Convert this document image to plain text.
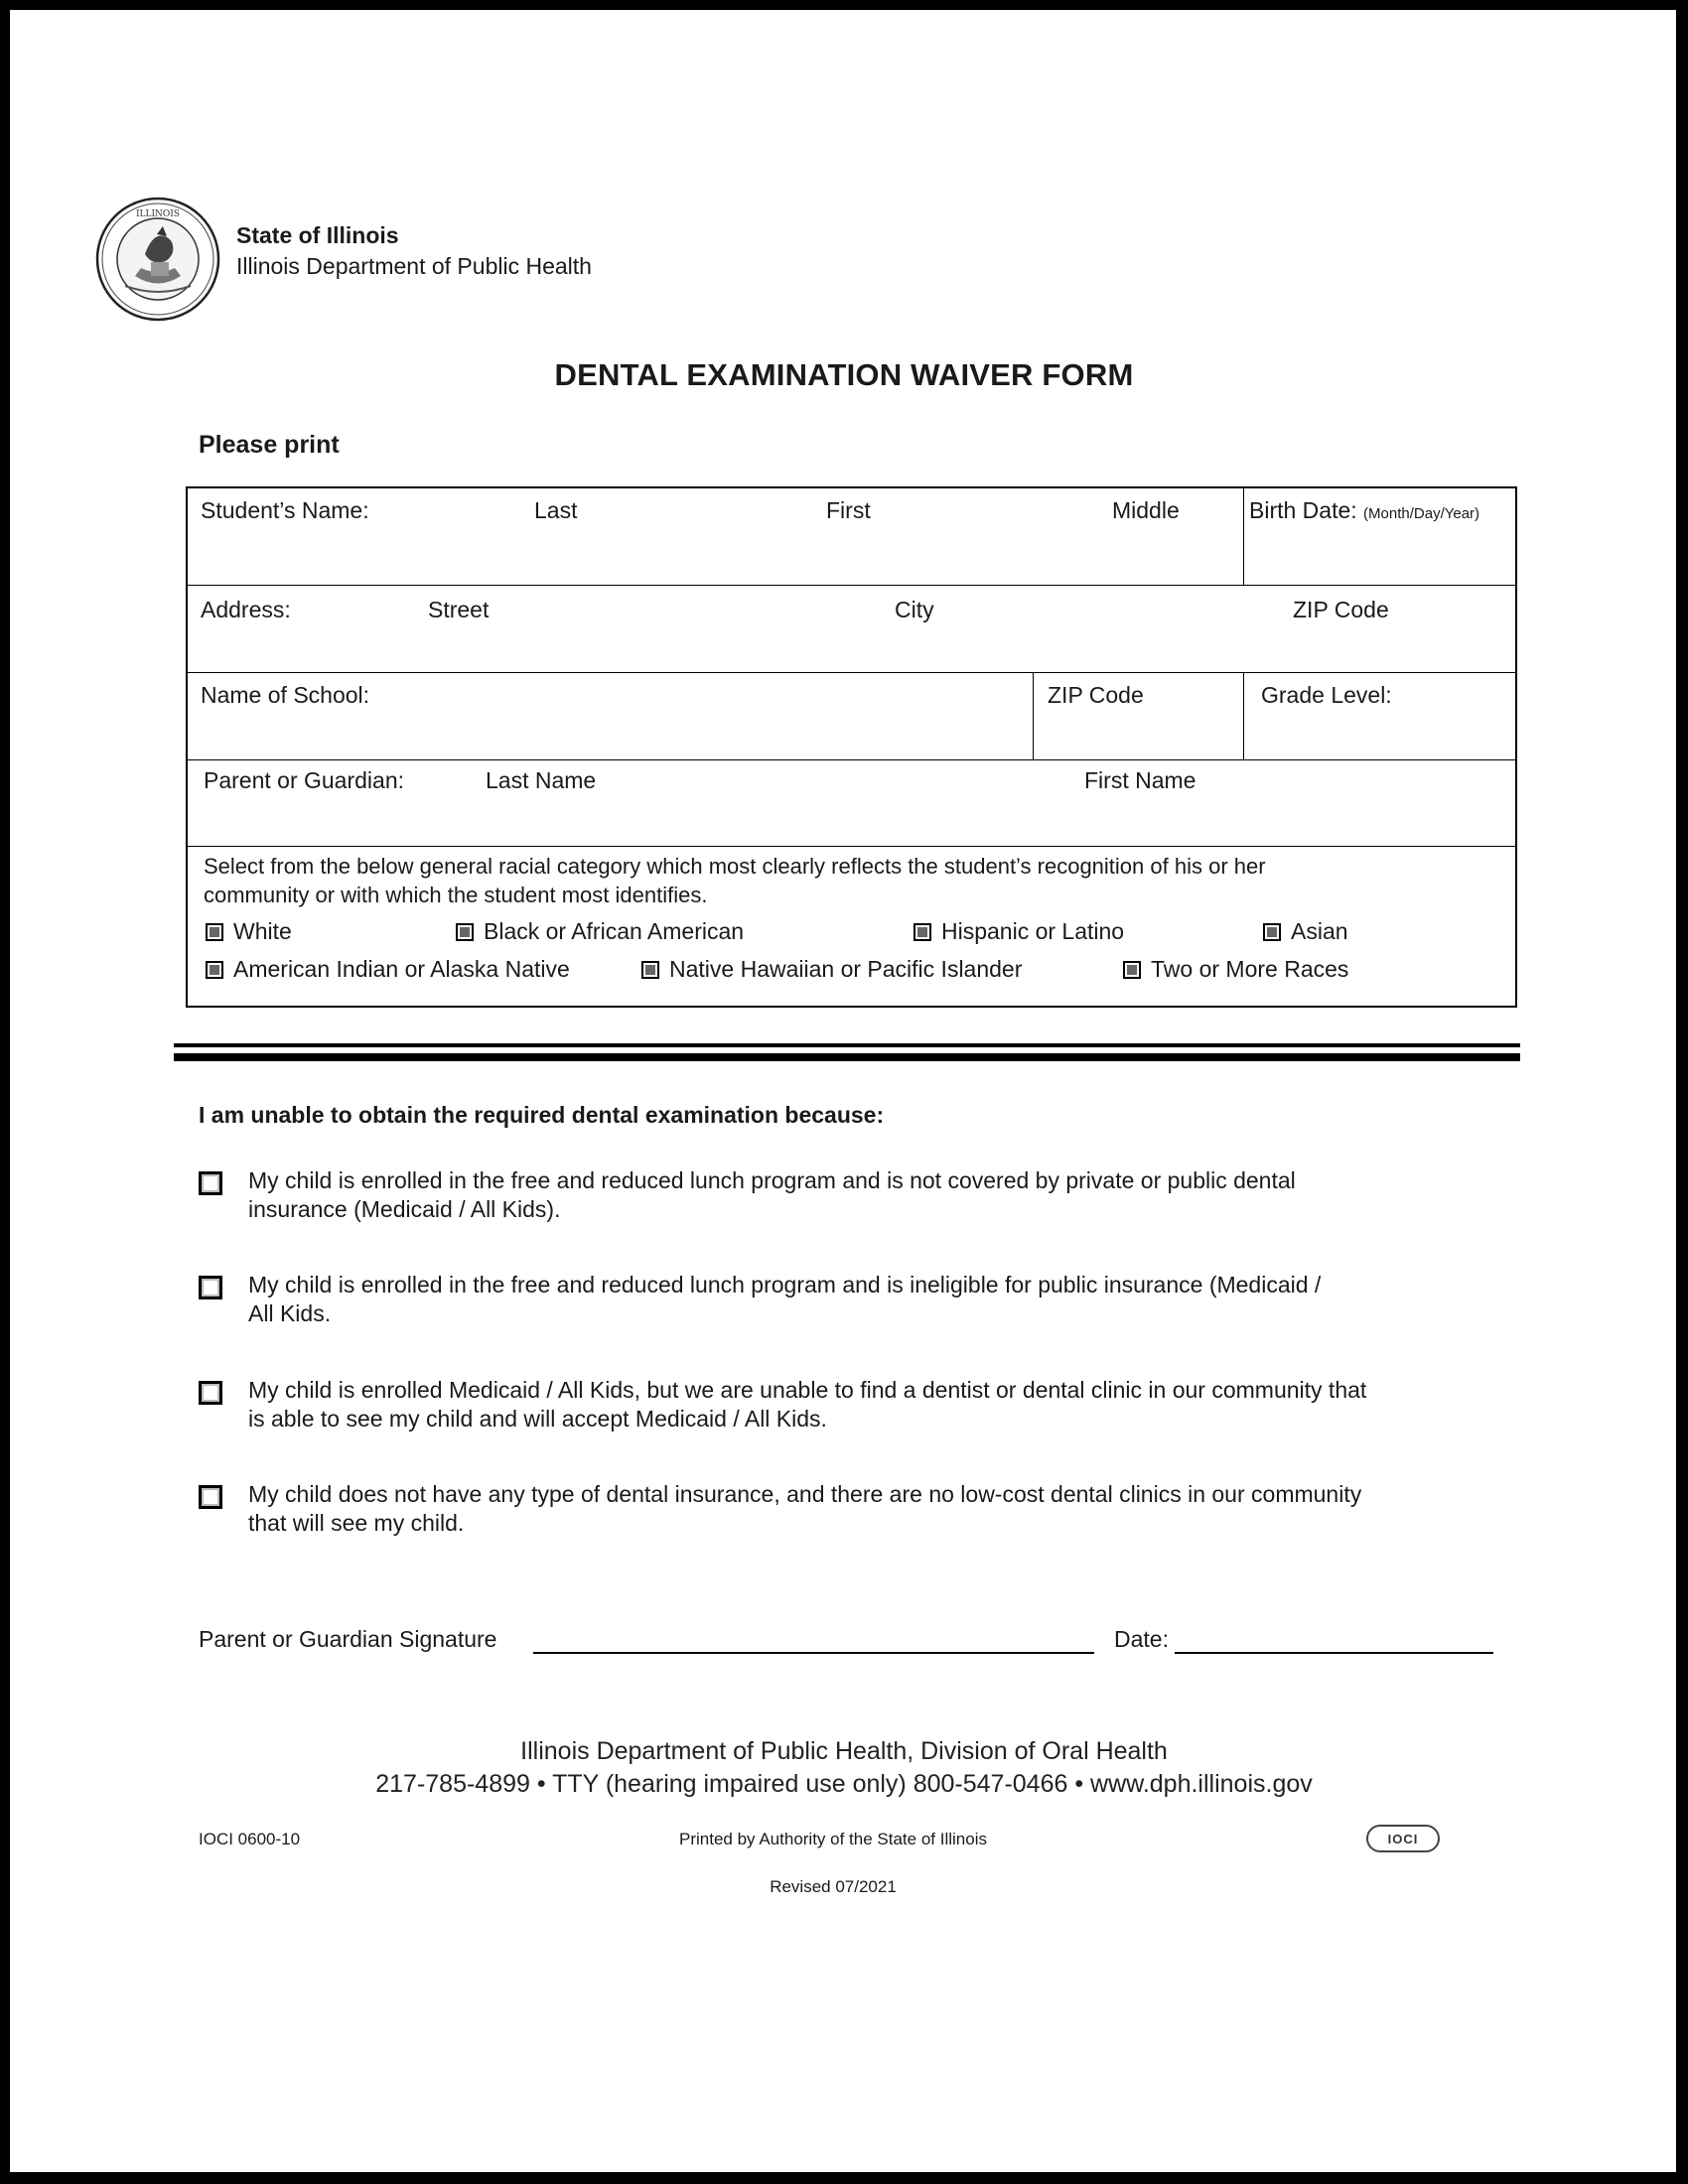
ILLINOIS
State of Illinois
Illinois Department of Public Health
DENTAL EXAMINATION WAIVER FORM
Please print
Student’s Name:	Last	First	Middle	Birth Date: (Month/Day/Year)
Address:	Street	City	ZIP Code
Name of School:	ZIP Code	Grade Level:
Parent or Guardian:	Last Name	First Name
Select from the below general racial category which most clearly reflects the student’s recognition of his or her
community or with which the student most identifies.
White	Black or African American	Hispanic or Latino	Asian
American Indian or Alaska Native	Native Hawaiian or Pacific Islander	Two or More Races
I am unable to obtain the required dental examination because:
My child is enrolled in the free and reduced lunch program and is not covered by private or public dental
insurance (Medicaid / All Kids).
My child is enrolled in the free and reduced lunch program and is ineligible for public insurance (Medicaid /
All Kids.
My child is enrolled Medicaid / All Kids, but we are unable to find a dentist or dental clinic in our community that
is able to see my child and will accept Medicaid / All Kids.
My child does not have any type of dental insurance, and there are no low-cost dental clinics in our community
that will see my child.
Parent or Guardian Signature	Date:
Illinois Department of Public Health, Division of Oral Health
217-785-4899 • TTY (hearing impaired use only) 800-547-0466 • www.dph.illinois.gov
IOCI 0600-10	Printed by Authority of the State of Illinois	IOCI
Revised 07/2021
